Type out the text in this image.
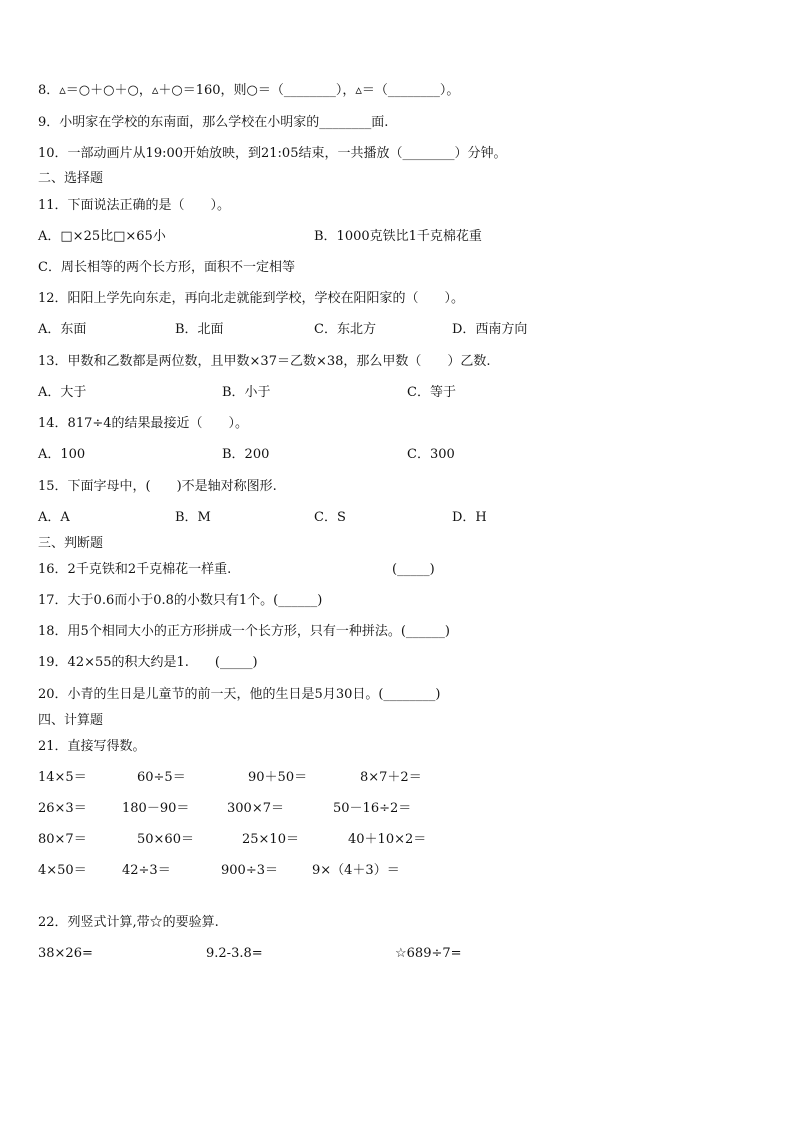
8．▵＝○＋○＋○，▵＋○＝160，则○＝（________），▵＝（________）。
9．小明家在学校的东南面，那么学校在小明家的________面.
10．一部动画片从19:00开始放映，到21:05结束，一共播放（________）分钟。
二、选择题
11．下面说法正确的是（　　）。
A．□×25比□×65小	B．1000克铁比1千克棉花重
C．周长相等的两个长方形，面积不一定相等
12．阳阳上学先向东走，再向北走就能到学校，学校在阳阳家的（　　）。
A．东面	B．北面	C．东北方	D．西南方向
13．甲数和乙数都是两位数，且甲数×37＝乙数×38，那么甲数（　　）乙数.
A．大于	B．小于	C．等于
14．817÷4的结果最接近（　　）。
A．100	B．200	C．300
15．下面字母中，(　　)不是轴对称图形.
A．A	B．M	C．S	D．H
三、判断题
16．2千克铁和2千克棉花一样重.	(_____)
17．大于0.6而小于0.8的小数只有1个。(______)
18．用5个相同大小的正方形拼成一个长方形，只有一种拼法。(______)
19．42×55的积大约是1.　　(_____)
20．小青的生日是儿童节的前一天，他的生日是5月30日。(________)
四、计算题
21．直接写得数。
14×5＝	60÷5＝	90＋50＝	8×7＋2＝
26×3＝	180－90＝	300×7＝	50－16÷2＝
80×7＝	50×60＝	25×10＝	40＋10×2＝
4×50＝	42÷3＝	900÷3＝	9×（4＋3）＝
22．列竖式计算,带☆的要验算.
38×26=	9.2-3.8=	☆689÷7=
